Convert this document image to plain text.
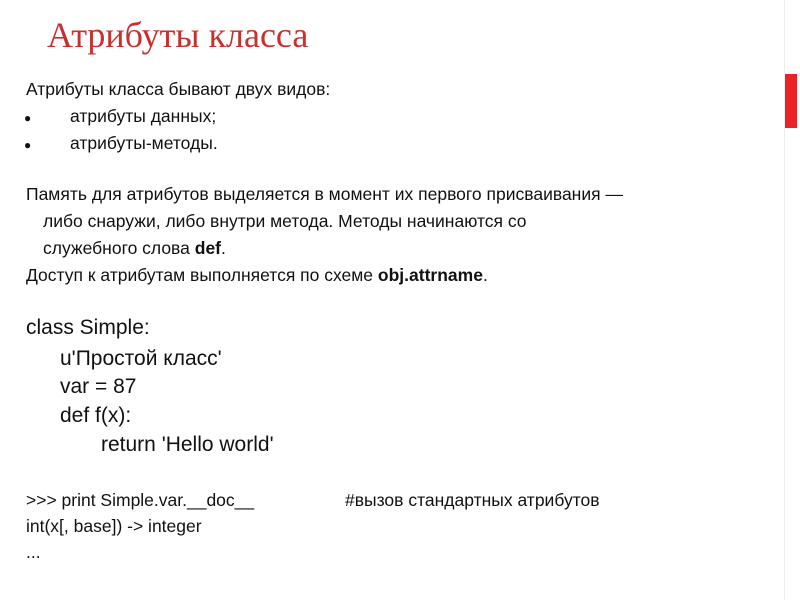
Атрибуты класса
Атрибуты класса бывают двух видов:
● атрибуты данных;
● атрибуты-методы.
Память для атрибутов выделяется в момент их первого присваивания —
либо снаружи, либо внутри метода. Методы начинаются со
служебного слова def.
Доступ к атрибутам выполняется по схеме obj.attrname.
class Simple:
u'Простой класс'
var = 87
def f(x):
return 'Hello world'
>>> print Simple.var.__doc__	#вызов стандартных атрибутов
int(x[, base]) -> integer
...
